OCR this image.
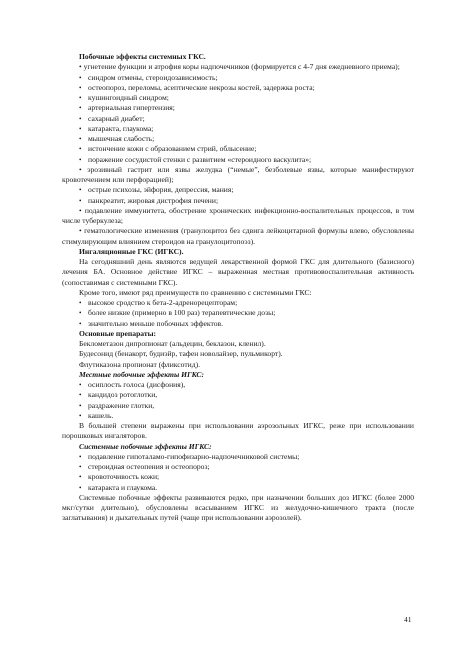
Побочные эффекты системных ГКС.

• угнетение функции и атрофия коры надпочечников (формируется с 4-7 дня ежедневного приема);

• синдром отмены, стероидозависимость;
• остеопороз, переломы, асептические некрозы костей, задержка роста;
• кушингоидный синдром;
• артериальная гипертензия;
• сахарный диабет;
• катаракта, глаукома;
• мышечная слабость;
• истончение кожи с образованием стрий, облысение;
• поражение сосудистой стенки с развитием «стероидного васкулита»;

• эрозивный гастрит или язвы желудка (“немые”, безболевые язвы, которые манифестируют кровотечением или перфорацией);

• острые психозы, эйфория, депрессия, мания;
• панкреатит, жировая дистрофия печени;

• подавление иммунитета, обострение хронических инфекционно-воспалительных процессов, в том числе туберкулеза;

• гематологические изменения (гранулоцитоз без сдвига лейкоцитарной формулы влево, обусловлены стимулирующим влиянием стероидов на гранулоцитопоэз).

Ингаляционные ГКС (ИГКС).

На сегодняшний день являются ведущей лекарственной формой ГКС для длительного (базисного) лечения БА. Основное действие ИГКС – выраженная местная противовоспалительная активность (сопоставимая с системными ГКС).

Кроме того, имеют ряд преимуществ по сравнению с системными ГКС:

• высокое сродство к бета-2-адренорецепторам;
• более низкие (примерно в 100 раз) терапевтические дозы;
• значительно меньше побочных эффектов.

Основные препараты:

Беклометазон дипропионат (альдецин, беклазон, кленил).

Будесонид (бенакорт, будиэйр, тафен новолайзер, пульмикорт).

Флутиказона пропионат (фликсотид).

Местные побочные эффекты ИГКС:

• осиплость голоса (дисфония),
• кандидоз ротоглотки,
• раздражение глотки,
• кашель.

В большей степени выражены при использовании аэрозольных ИГКС, реже при использовании порошковых ингаляторов.

Системные побочные эффекты ИГКС:

• подавление гипоталамо-гипофизарно-надпочечниковой системы;
• стероидная остеопения и остеопороз;
• кровоточивость кожи;
• катаракта и глаукома.

Системные побочные эффекты развиваются редко, при назначении больших доз ИГКС (более 2000 мкг/сутки длительно), обусловлены всасыванием ИГКС из желудочно-кишечного тракта (после заглатывания) и дыхательных путей (чаще при использовании аэрозолей).

41
